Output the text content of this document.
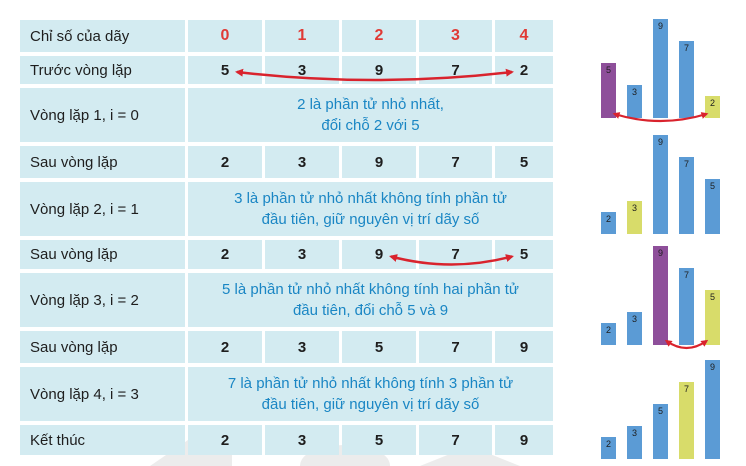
Chỉ số của dãy	0	1	2	3	4
Trước vòng lặp	5	3	9	7	2
Vòng lặp 1, i = 0
2 là phần tử nhỏ nhất,
đổi chỗ 2 với 5
Sau vòng lặp	2	3	9	7	5
Vòng lặp 2, i = 1
3 là phần tử nhỏ nhất không tính phần tử
đầu tiên, giữ nguyên vị trí dãy số
Sau vòng lặp	2	3	9	7	5
Vòng lặp 3, i = 2
5 là phần tử nhỏ nhất không tính hai phần tử
đầu tiên, đổi chỗ 5 và 9
Sau vòng lặp	2	3	5	7	9
Vòng lặp 4, i = 3
7 là phần tử nhỏ nhất không tính 3 phần tử
đầu tiên, giữ nguyên vị trí dãy số
Kết thúc	2	3	5	7	9
5
3
9
7
2
2
3
9
7
5
2
3
9
7
5
2
3
5
7
9
